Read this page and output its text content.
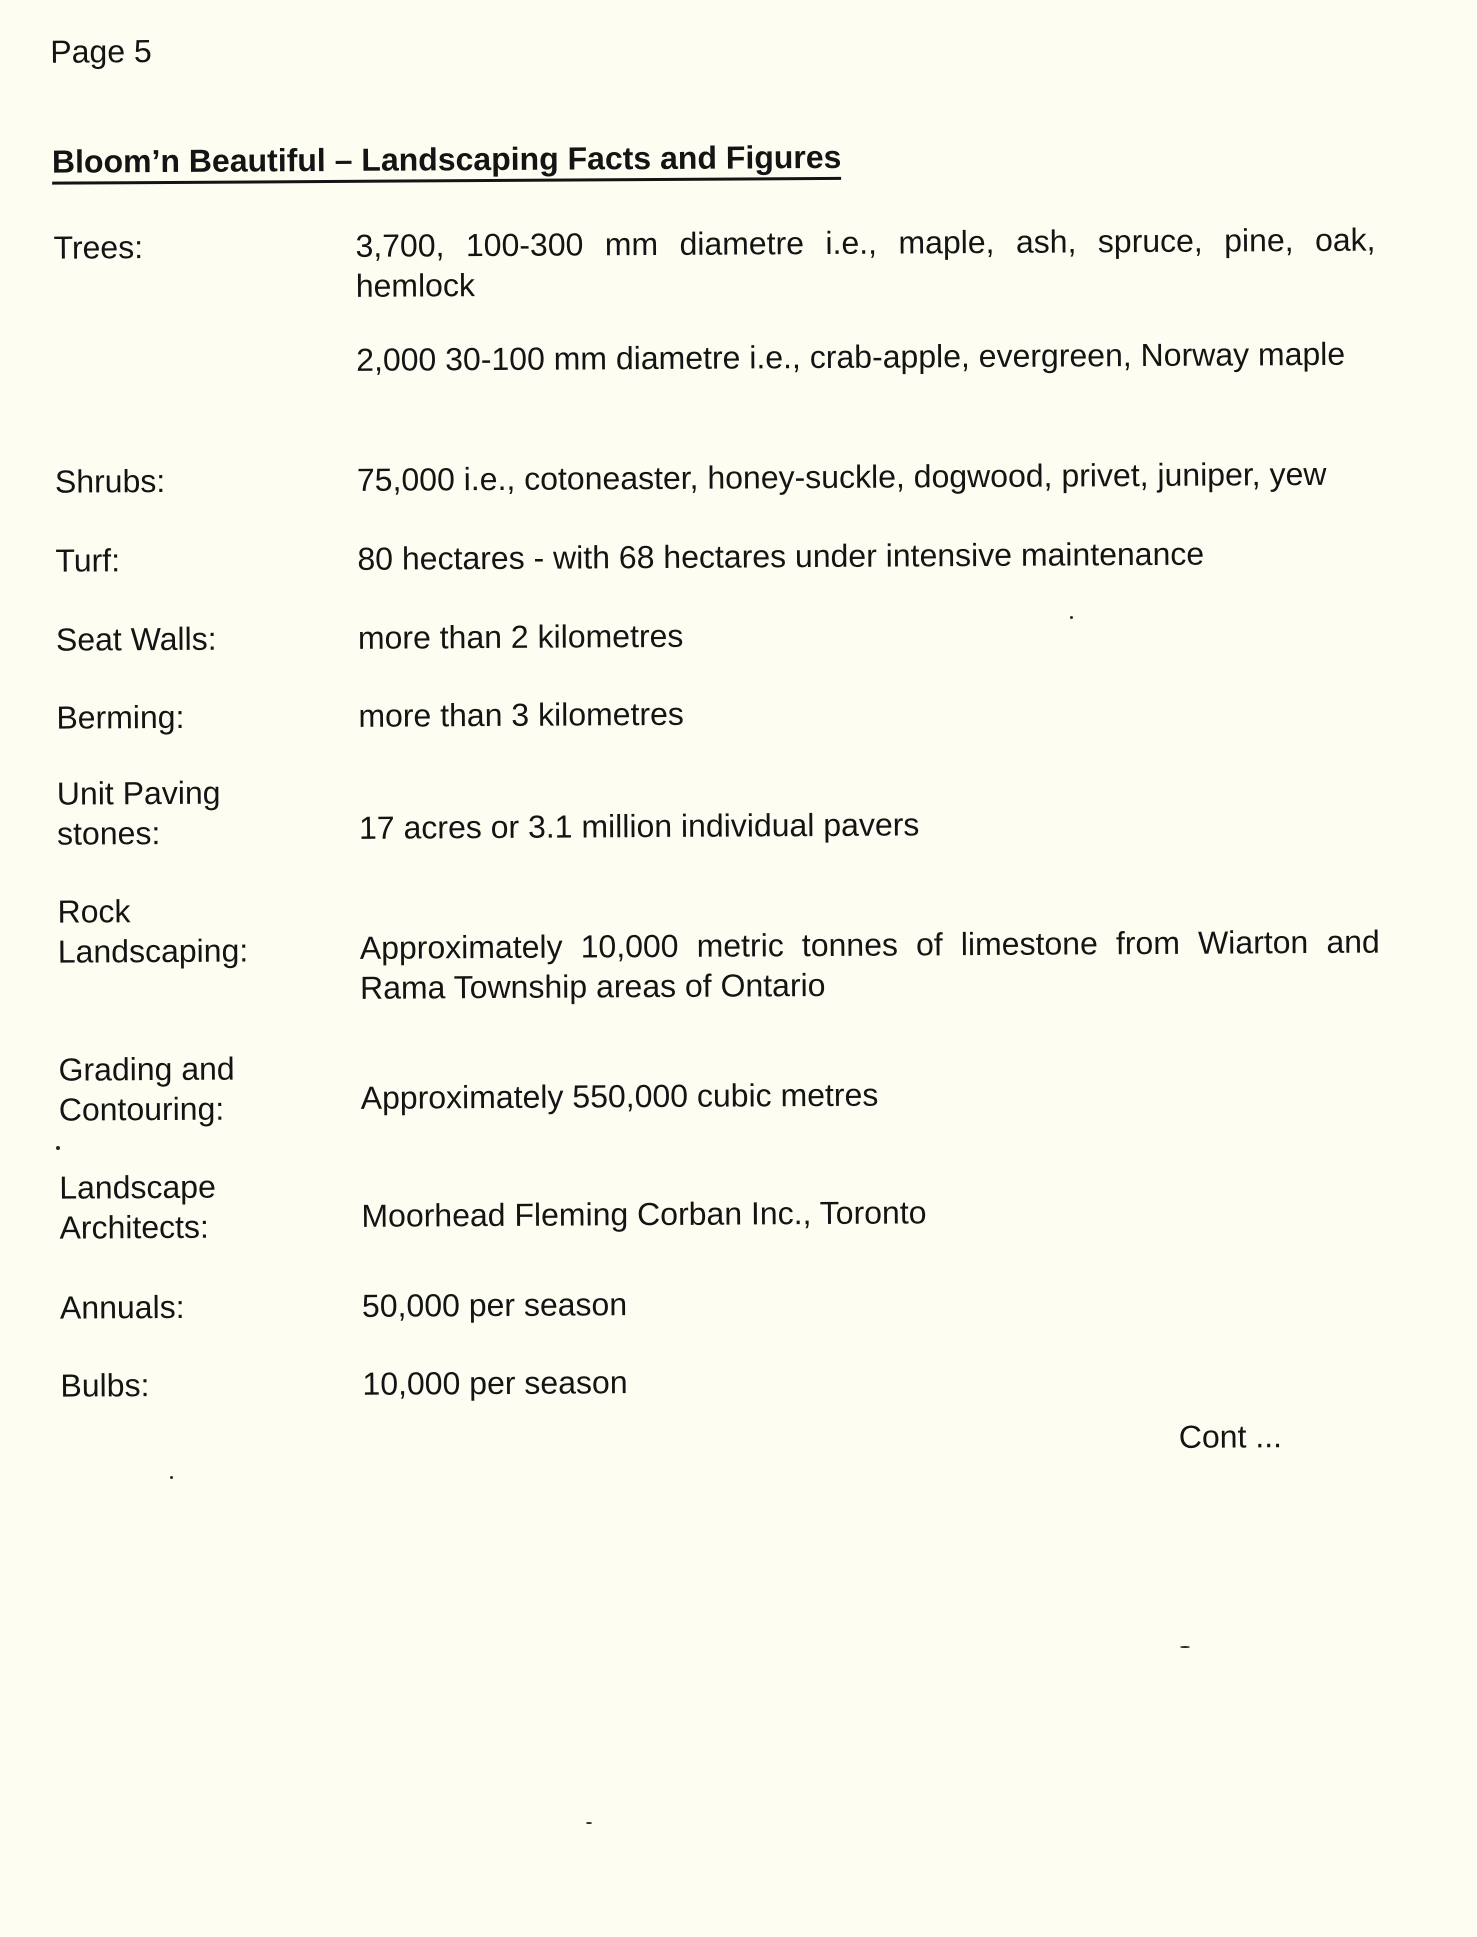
Page 5
Bloom’n Beautiful – Landscaping Facts and Figures
Trees:	3,700, 100-300 mm diametre i.e., maple, ash, spruce, pine, oak, hemlock

2,000 30-100 mm diametre i.e., crab-apple, evergreen, Norway maple

Shrubs:	75,000 i.e., cotoneaster, honey-suckle, dogwood, privet, juniper, yew

Turf:	80 hectares - with 68 hectares under intensive maintenance

Seat Walls:	more than 2 kilometres

Berming:	more than 3 kilometres

Unit Paving stones:	17 acres or 3.1 million individual pavers

Rock Landscaping:	Approximately 10,000 metric tonnes of limestone from Wiarton and Rama Township areas of Ontario

Grading and Contouring:	Approximately 550,000 cubic metres

Landscape Architects:	Moorhead Fleming Corban Inc., Toronto

Annuals:	50,000 per season

Bulbs:	10,000 per season

Cont ...
